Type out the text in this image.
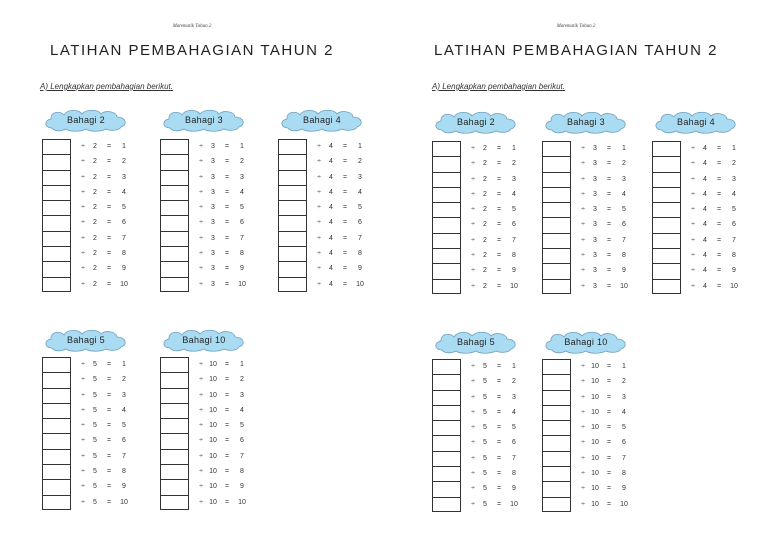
Matematik Tahun 2
LATIHAN PEMBAHAGIAN TAHUN 2
A) Lengkapkan pembahagian berikut.
Bahagi 2
÷ 2 = 1
÷ 2 = 2
÷ 2 = 3
÷ 2 = 4
÷ 2 = 5
÷ 2 = 6
÷ 2 = 7
÷ 2 = 8
÷ 2 = 9
÷ 2 = 10
Bahagi 3
÷ 3 = 1
÷ 3 = 2
÷ 3 = 3
÷ 3 = 4
÷ 3 = 5
÷ 3 = 6
÷ 3 = 7
÷ 3 = 8
÷ 3 = 9
÷ 3 = 10
Bahagi 4
÷ 4 = 1
÷ 4 = 2
÷ 4 = 3
÷ 4 = 4
÷ 4 = 5
÷ 4 = 6
÷ 4 = 7
÷ 4 = 8
÷ 4 = 9
÷ 4 = 10
Bahagi 5
÷ 5 = 1
÷ 5 = 2
÷ 5 = 3
÷ 5 = 4
÷ 5 = 5
÷ 5 = 6
÷ 5 = 7
÷ 5 = 8
÷ 5 = 9
÷ 5 = 10
Bahagi 10
÷ 10 = 1
÷ 10 = 2
÷ 10 = 3
÷ 10 = 4
÷ 10 = 5
÷ 10 = 6
÷ 10 = 7
÷ 10 = 8
÷ 10 = 9
÷ 10 = 10
Matematik Tahun 2
LATIHAN PEMBAHAGIAN TAHUN 2
A) Lengkapkan pembahagian berikut.
Bahagi 2
÷ 2 = 1
÷ 2 = 2
÷ 2 = 3
÷ 2 = 4
÷ 2 = 5
÷ 2 = 6
÷ 2 = 7
÷ 2 = 8
÷ 2 = 9
÷ 2 = 10
Bahagi 3
÷ 3 = 1
÷ 3 = 2
÷ 3 = 3
÷ 3 = 4
÷ 3 = 5
÷ 3 = 6
÷ 3 = 7
÷ 3 = 8
÷ 3 = 9
÷ 3 = 10
Bahagi 4
÷ 4 = 1
÷ 4 = 2
÷ 4 = 3
÷ 4 = 4
÷ 4 = 5
÷ 4 = 6
÷ 4 = 7
÷ 4 = 8
÷ 4 = 9
÷ 4 = 10
Bahagi 5
÷ 5 = 1
÷ 5 = 2
÷ 5 = 3
÷ 5 = 4
÷ 5 = 5
÷ 5 = 6
÷ 5 = 7
÷ 5 = 8
÷ 5 = 9
÷ 5 = 10
Bahagi 10
÷ 10 = 1
÷ 10 = 2
÷ 10 = 3
÷ 10 = 4
÷ 10 = 5
÷ 10 = 6
÷ 10 = 7
÷ 10 = 8
÷ 10 = 9
÷ 10 = 10
